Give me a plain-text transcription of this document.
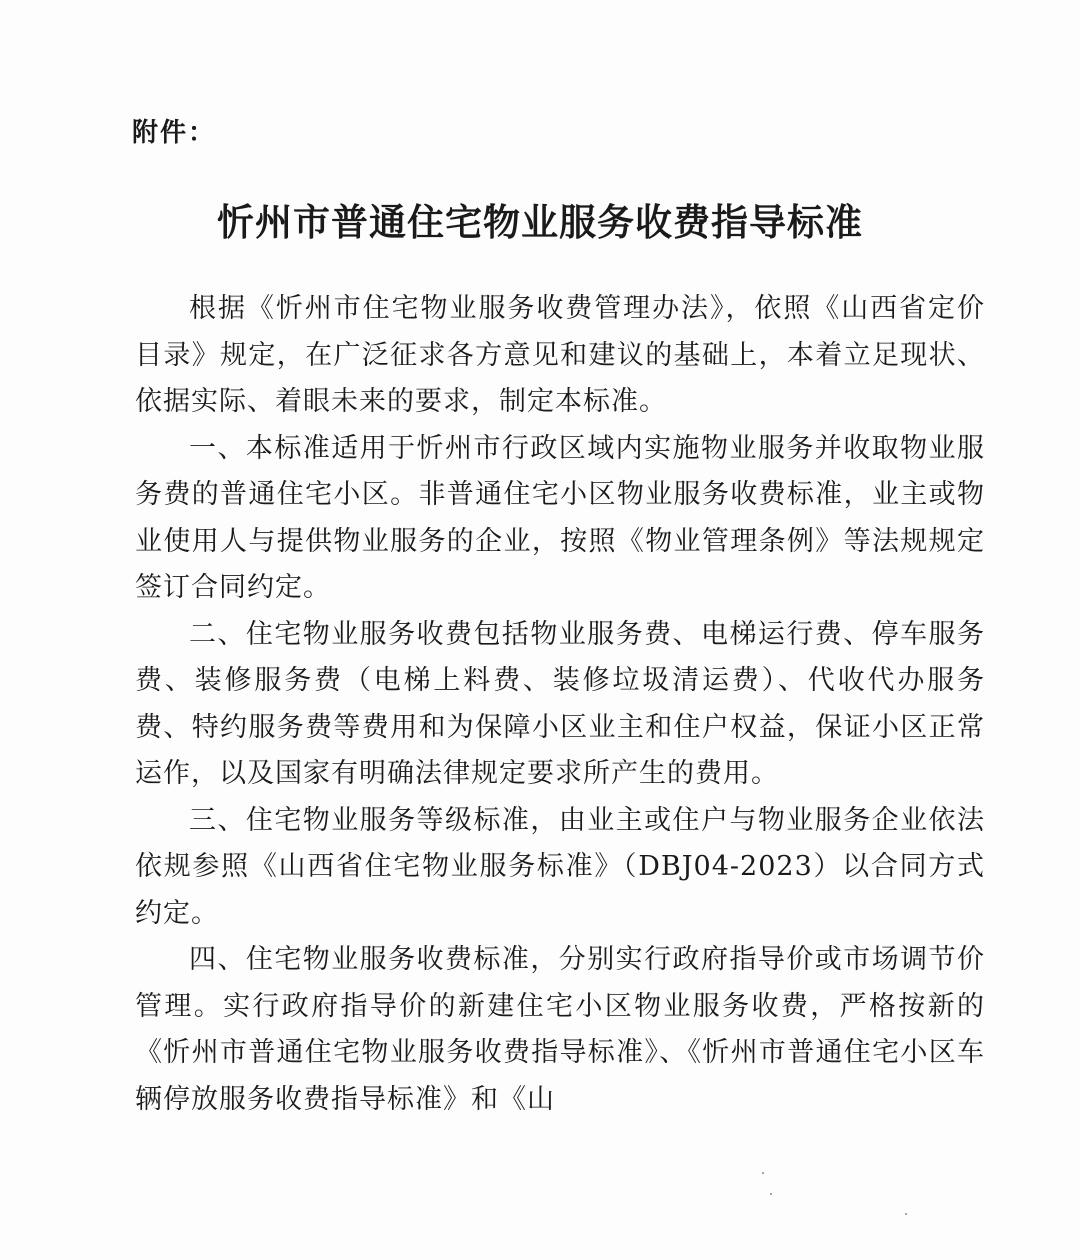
附件：
忻州市普通住宅物业服务收费指导标准

根据《忻州市住宅物业服务收费管理办法》，依照《山西省定价目录》规定，在广泛征求各方意见和建议的基础上，本着立足现状、依据实际、着眼未来的要求，制定本标准。

一、本标准适用于忻州市行政区域内实施物业服务并收取物业服务费的普通住宅小区。非普通住宅小区物业服务收费标准，业主或物业使用人与提供物业服务的企业，按照《物业管理条例》等法规规定签订合同约定。

二、住宅物业服务收费包括物业服务费、电梯运行费、停车服务费、装修服务费（电梯上料费、装修垃圾清运费）、代收代办服务费、特约服务费等费用和为保障小区业主和住户权益，保证小区正常运作，以及国家有明确法律规定要求所产生的费用。

三、住宅物业服务等级标准，由业主或住户与物业服务企业依法依规参照《山西省住宅物业服务标准》（DBJ04-2023）以合同方式约定。

四、住宅物业服务收费标准，分别实行政府指导价或市场调节价管理。实行政府指导价的新建住宅小区物业服务收费，严格按新的《忻州市普通住宅物业服务收费指导标准》、《忻州市普通住宅小区车辆停放服务收费指导标准》和《山
